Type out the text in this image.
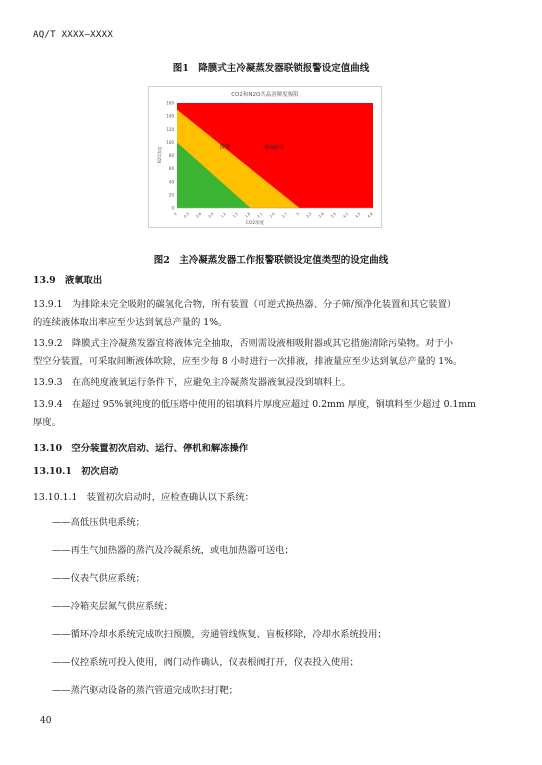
AQ/T XXXX—XXXX
图1　降膜式主冷凝蒸发器联锁报警设定值曲线
CO2和N2O共晶溶解度极限
0
20
40
60
80
100
120
140
160
0 0.3 0.6 0.9 1.2 1.5 1.8 2.1 2.4 2.7 3 3.3 3.6 3.9 4.2 4.5 4.8
报警	联锁停车
CO2浓度
N2O浓度
图2　主冷凝蒸发器工作报警联锁设定值类型的设定曲线
13.9　液氧取出
13.9.1　为排除未完全吸附的碳氢化合物，所有装置（可逆式换热器、分子筛/预净化装置和其它装置）
的连续液体取出率应至少达到氧总产量的 1%。
13.9.2　降膜式主冷凝蒸发器宜将液体完全抽取，否则需设液相吸附器或其它措施清除污染物。对于小
型空分装置，可采取间断液体吹除，应至少每 8 小时进行一次排液，排液量应至少达到氧总产量的 1%。
13.9.3　在高纯度液氧运行条件下，应避免主冷凝蒸发器液氧浸没到填料上。
13.9.4　在超过 95%氧纯度的低压塔中使用的铝填料片厚度应超过 0.2mm 厚度，铜填料至少超过 0.1mm
厚度。
13.10　空分装置初次启动、运行、停机和解冻操作
13.10.1　初次启动
13.10.1.1　装置初次启动时，应检查确认以下系统：
——高低压供电系统；
——再生气加热器的蒸汽及冷凝系统，或电加热器可送电；
——仪表气供应系统；
——冷箱夹层氮气供应系统；
——循环冷却水系统完成吹扫预膜，旁通管线恢复、盲板移除，冷却水系统投用；
——仪控系统可投入使用，阀门动作确认，仪表根阀打开，仪表投入使用；
——蒸汽驱动设备的蒸汽管道完成吹扫打靶；
40
